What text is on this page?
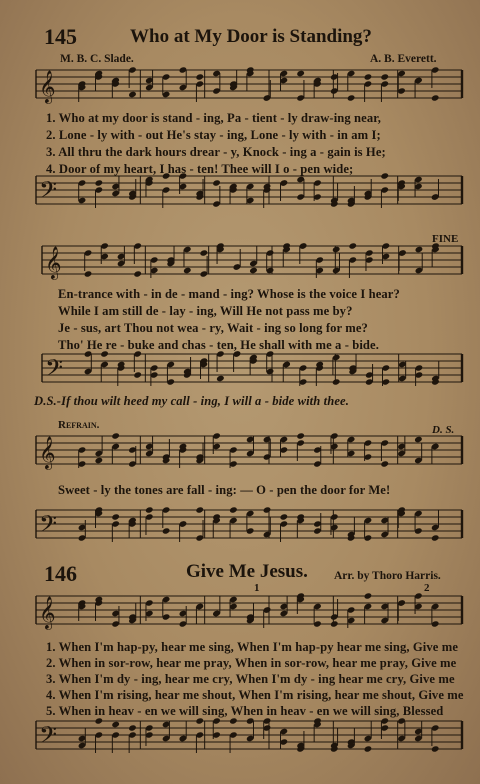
𝄞
𝄢
𝄞
𝄢
𝄞
𝄢
𝄞
𝄢
145	Who at My Door is Standing?
M. B. C. Slade.	A. B. Everett.
1. Who at my door is stand - ing, Pa - tient - ly draw-ing near,
2. Lone - ly with - out He's stay - ing, Lone - ly with - in am I;
3. All thru the dark hours drear - y, Knock - ing a - gain is He;
4. Door of my heart, I has - ten! Thee will I o - pen wide;
FINE
En-trance with - in de - mand - ing? Whose is the voice I hear?
While I am still de - lay - ing, Will He not pass me by?
Je - sus, art Thou not wea - ry, Wait - ing so long for me?
Tho' He re - buke and chas - ten, He shall with me a - bide.
D.S.-If thou wilt heed my call - ing, I will a - bide with thee.
Refrain.	D. S.
Sweet - ly the tones are fall - ing: — O - pen the door for Me!
146	Give Me Jesus. Arr. by Thoro Harris.
1	2
1. When I'm hap-py, hear me sing, When I'm hap-py hear me sing, Give me
2. When in sor-row, hear me pray, When in sor-row, hear me pray, Give me
3. When I'm dy - ing, hear me cry, When I'm dy - ing hear me cry, Give me
4. When I'm rising, hear me shout, When I'm rising, hear me shout, Give me
5. When in heav - en we will sing, When in heav - en we will sing, Blessed
